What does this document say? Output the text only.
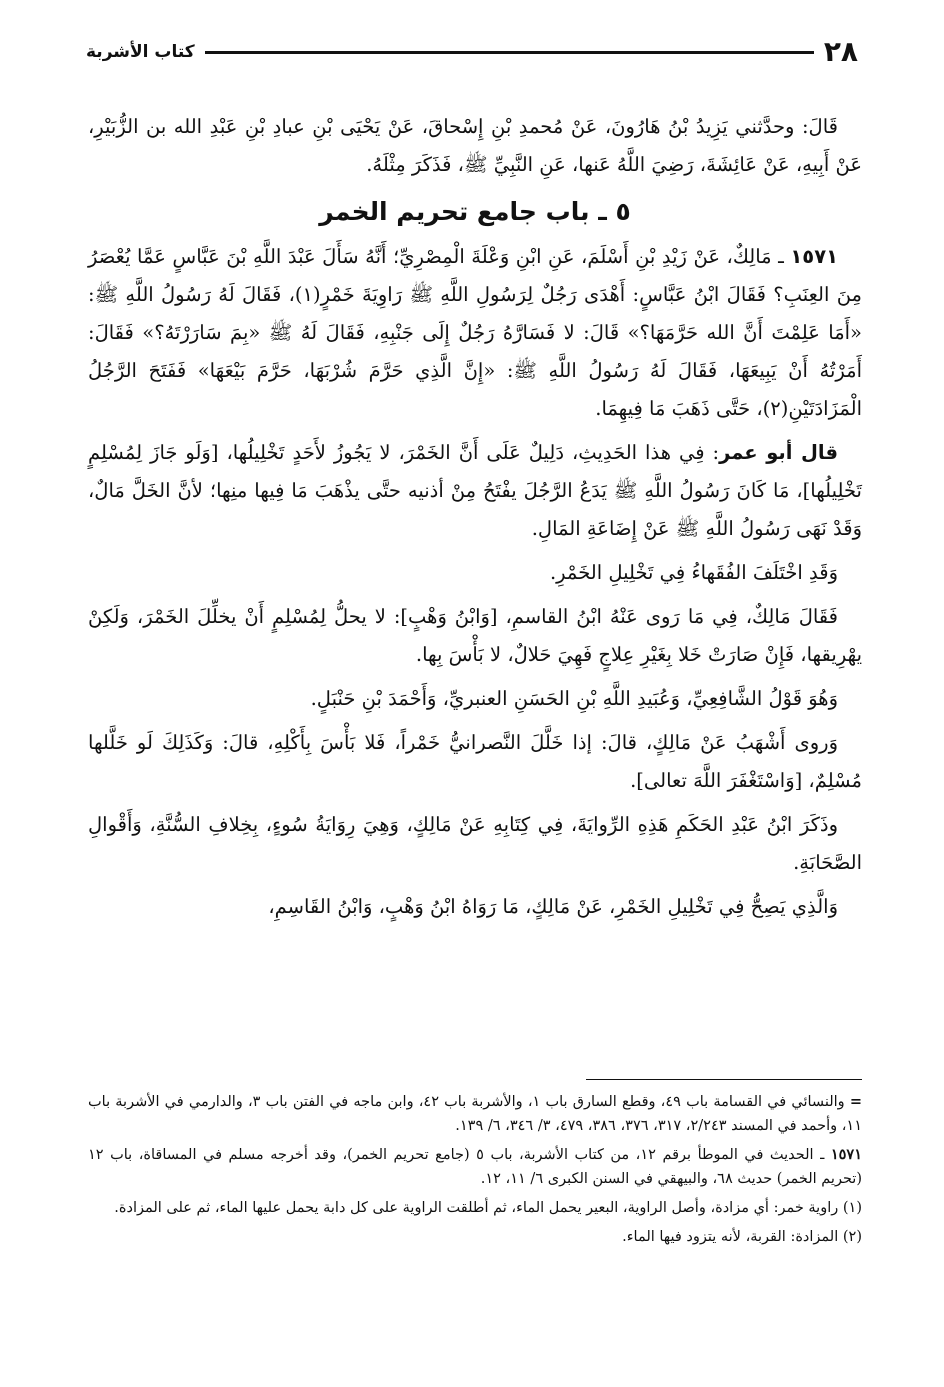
٢٨
كتاب الأشربة

قَالَ: وحدَّثني يَزِيدُ بْنُ هَارُونَ، عَنْ مُحمدِ بْنِ إِسْحاقَ، عَنْ يَحْيَى بْنِ عبادِ بْنِ عَبْدِ الله بن الزُّبَيْرِ، عَنْ أَبِيهِ، عَنْ عَائِشَةَ، رَضِيَ اللَّهُ عَنها، عَنِ النَّبِيِّ ﷺ، فَذَكَرَ مِثْلَهُ.

٥ ـ باب جامع تحريم الخمر

١٥٧١ ـ مَالِكٌ، عَنْ زَيْدِ بْنِ أَسْلَمَ، عَنِ ابْنِ وَعْلَةَ الْمِصْرِيِّ؛ أَنَّهُ سَأَلَ عَبْدَ اللَّهِ بْنَ عَبَّاسٍ عَمَّا يُعْصَرُ مِنَ العِنَبِ؟ فَقَالَ ابْنُ عَبَّاسٍ: أَهْدَى رَجُلٌ لِرَسُولِ اللَّهِ ﷺ رَاوِيَةَ خَمْرٍ(١)، فَقَالَ لَهُ رَسُولُ اللَّهِ ﷺ: «أَمَا عَلِمْتَ أَنَّ الله حَرَّمَهَا؟» قَالَ: لا فَسَارَّهُ رَجُلٌ إِلَى جَنْبِهِ، فَقَالَ لَهُ ﷺ «بِمَ سَارَرْتَهُ؟» فَقَالَ: أَمَرْتُهُ أَنْ يَبِيعَهَا، فَقَالَ لَهُ رَسُولُ اللَّهِ ﷺ: «إِنَّ الَّذِي حَرَّمَ شُرْبَهَا، حَرَّمَ بَيْعَهَا» فَفَتَحَ الرَّجُلُ الْمَزَادَتَيْنِ(٢)، حَتَّى ذَهَبَ مَا فِيهِمَا.

قال أبو عمر: فِي هذا الحَدِيثِ، دَلِيلٌ عَلَى أَنَّ الخَمْرَ، لا يَجُوزُ لأَحَدٍ تَخْلِيلُها، [وَلَو جَازَ لِمُسْلِمٍ تَخْلِيلُها]، مَا كَانَ رَسُولُ اللَّهِ ﷺ يَدَعُ الرَّجُلَ يفْتَحُ مِنْ أذنيه حتَّى يذْهَبَ مَا فِيها منِها؛ لأنَّ الخَلَّ مَالٌ، وَقَدْ نَهَى رَسُولُ اللَّهِ ﷺ عَنْ إِضَاعَةِ المَالِ.

وَقَدِ اخْتَلَفَ الفُقَهاءُ فِي تَخْلِيلِ الخَمْرِ.

فَقَالَ مَالِكٌ، فِي مَا رَوى عَنْهُ ابْنُ القاسمِ، [وَابْنُ وَهْبٍ]: لا يحلُّ لِمُسْلِمٍ أَنْ يخلِّلَ الخَمْرَ، وَلَكِنْ يهْرِيقها، فَإِنْ صَارَتْ خَلا بِغَيْرِ عِلاجٍ فَهِيَ حَلالٌ، لا بَأْسَ بِها.

وَهُوَ قَوْلُ الشَّافِعِيِّ، وَعُبَيدِ اللَّهِ بْنِ الحَسَنِ العنبريِّ، وَأَحْمَدَ بْنِ حَنْبَلٍ.

وَروى أَشْهَبُ عَنْ مَالِكٍ، قالَ: إذا خَلَّلَ النَّصرانيُّ خَمْراً، فَلا بَأْسَ بِأَكْلِهِ، قالَ: وَكَذَلِكَ لَو خَلَّلها مُسْلِمٌ، [وَاسْتَغْفَرَ اللَّهَ تعالى].

وذَكَرَ ابْنُ عَبْدِ الحَكَمِ هَذِهِ الرِّوايَةَ، فِي كِتَابِهِ عَنْ مَالِكٍ، وَهِيَ رِوَايَةُ سُوءٍ، بِخِلافِ السُّنَّةِ، وَأَقْوالِ الصَّحَابَةِ.

وَالَّذِي يَصِحُّ فِي تَخْلِيلِ الخَمْرِ، عَنْ مَالِكٍ، مَا رَوَاهُ ابْنُ وَهْبٍ، وَابْنُ القَاسِمِ،

= والنسائي في القسامة باب ٤٩، وقطع السارق باب ١، والأشربة باب ٤٢، وابن ماجه في الفتن باب ٣، والدارمي في الأشربة باب ١١، وأحمد في المسند ٢/٢٤٣، ٣١٧، ٣٧٦، ٣٨٦، ٤٧٩، ٣/ ٣٤٦، ٦/ ١٣٩.

١٥٧١ ـ الحديث في الموطأ برقم ١٢، من كتاب الأشربة، باب ٥ (جامع تحريم الخمر)، وقد أخرجه مسلم في المساقاة، باب ١٢ (تحريم الخمر) حديث ٦٨، والبيهقي في السنن الكبرى ٦/ ١١، ١٢.

(١) راوية خمر: أي مزادة، وأصل الراوية، البعير يحمل الماء، ثم أطلقت الراوية على كل دابة يحمل عليها الماء، ثم على المزادة.

(٢) المزادة: القربة، لأنه يتزود فيها الماء.
